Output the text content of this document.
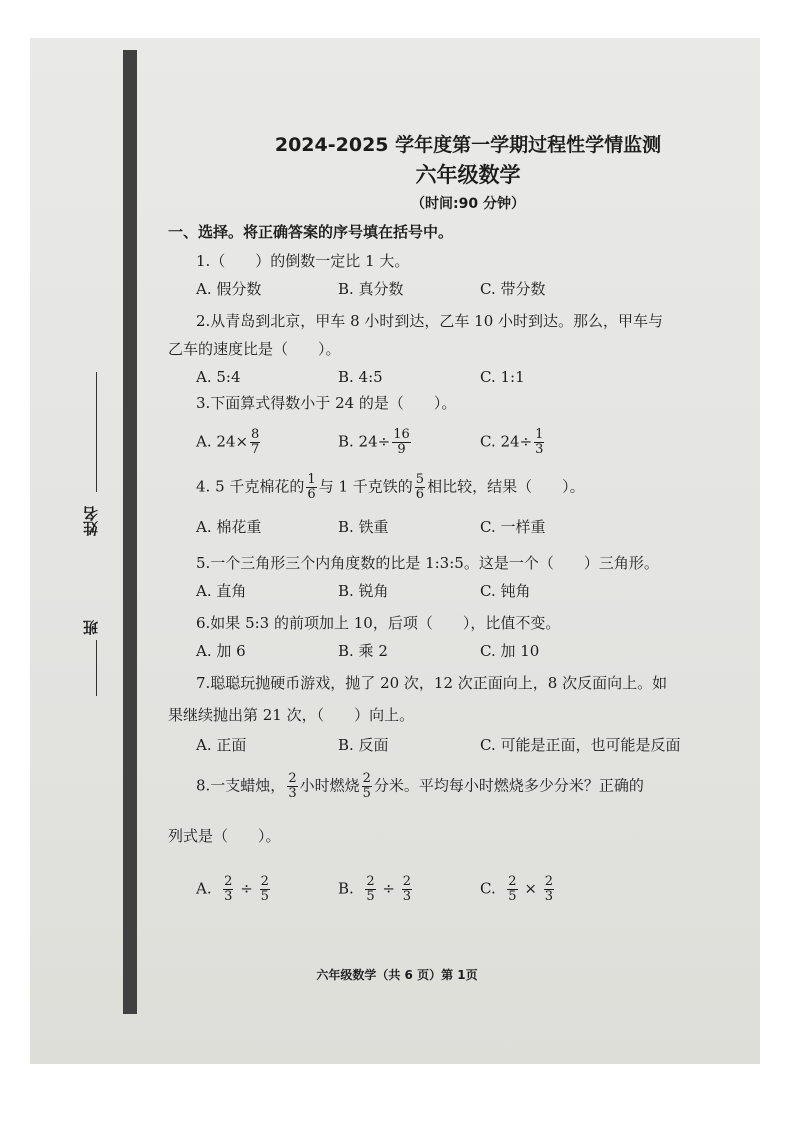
姓名
班
2024-2025 学年度第一学期过程性学情监测
六年级数学
（时间:90 分钟）
一、选择。将正确答案的序号填在括号中。
1.（　　）的倒数一定比 1 大。
A. 假分数	B. 真分数	C. 带分数
2.从青岛到北京，甲车 8 小时到达，乙车 10 小时到达。那么，甲车与
乙车的速度比是（　　）。
A. 5:4	B. 4:5	C. 1:1
3.下面算式得数小于 24 的是（　　）。
A. $24\times \frac{8}{7}$	B. $24\div \frac{16}{9}$	C. $24\div \frac{1}{3}$
4. 5 千克棉花的 $\frac{1}{6}$ 与 1 千克铁的 $\frac{5}{6}$ 相比较，结果（　　）。
A. 棉花重	B. 铁重	C. 一样重
5.一个三角形三个内角度数的比是 1:3:5。这是一个（　　）三角形。
A. 直角	B. 锐角	C. 钝角
6.如果 5:3 的前项加上 10，后项（　　），比值不变。
A. 加 6	B. 乘 2	C. 加 10
7.聪聪玩抛硬币游戏，抛了 20 次，12 次正面向上，8 次反面向上。如
果继续抛出第 21 次，（　　）向上。
A. 正面	B. 反面	C. 可能是正面，也可能是反面
8.一支蜡烛， $\frac{2}{3}$ 小时燃烧 $\frac{2}{5}$ 分米。平均每小时燃烧多少分米？正确的
列式是（　　）。
A. $\frac{2}{3} \div \frac{2}{5}$	B. $\frac{2}{5} \div \frac{2}{3}$	C. $\frac{2}{5} \times \frac{2}{3}$
六年级数学（共 6 页）第 1页
